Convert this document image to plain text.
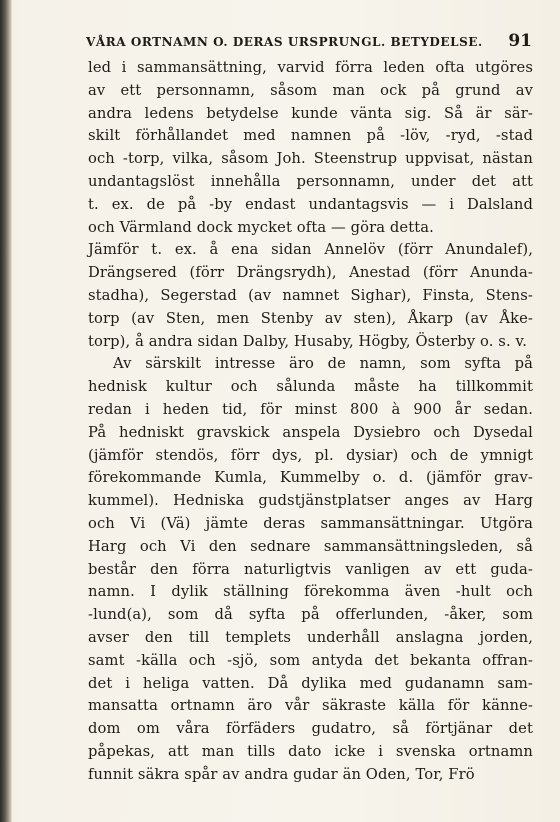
VÅRA ORTNAMN O. DERAS URSPRUNGL. BETYDELSE. 91
led i sammansättning, varvid förra leden ofta utgöres
av ett personnamn, såsom man ock på grund av
andra ledens betydelse kunde vänta sig. Så är sär-
skilt förhållandet med namnen på -löv, -ryd, -stad
och -torp, vilka, såsom Joh. Steenstrup uppvisat, nästan
undantagslöst innehålla personnamn, under det att
t. ex. de på -by endast undantagsvis — i Dalsland
och Värmland dock mycket ofta — göra detta.
Jämför t. ex. å ena sidan Annelöv (förr Anundalef),
Drängsered (förr Drängsrydh), Anestad (förr Anunda-
stadha), Segerstad (av namnet Sighar), Finsta, Stens-
torp (av Sten, men Stenby av sten), Åkarp (av Åke-
torp), å andra sidan Dalby, Husaby, Högby, Österby o. s. v.
Av särskilt intresse äro de namn, som syfta på
hednisk kultur och sålunda måste ha tillkommit
redan i heden tid, för minst 800 à 900 år sedan.
På hedniskt gravskick anspela Dysiebro och Dysedal
(jämför stendös, förr dys, pl. dysiar) och de ymnigt
förekommande Kumla, Kummelby o. d. (jämför grav-
kummel). Hedniska gudstjänstplatser anges av Harg
och Vi (Vä) jämte deras sammansättningar. Utgöra
Harg och Vi den sednare sammansättningsleden, så
består den förra naturligtvis vanligen av ett guda-
namn. I dylik ställning förekomma även -hult och
-lund(a), som då syfta på offerlunden, -åker, som
avser den till templets underhåll anslagna jorden,
samt -källa och -sjö, som antyda det bekanta offran-
det i heliga vatten. Då dylika med gudanamn sam-
mansatta ortnamn äro vår säkraste källa för känne-
dom om våra förfäders gudatro, så förtjänar det
påpekas, att man tills dato icke i svenska ortnamn
funnit säkra spår av andra gudar än Oden, Tor, Frö
